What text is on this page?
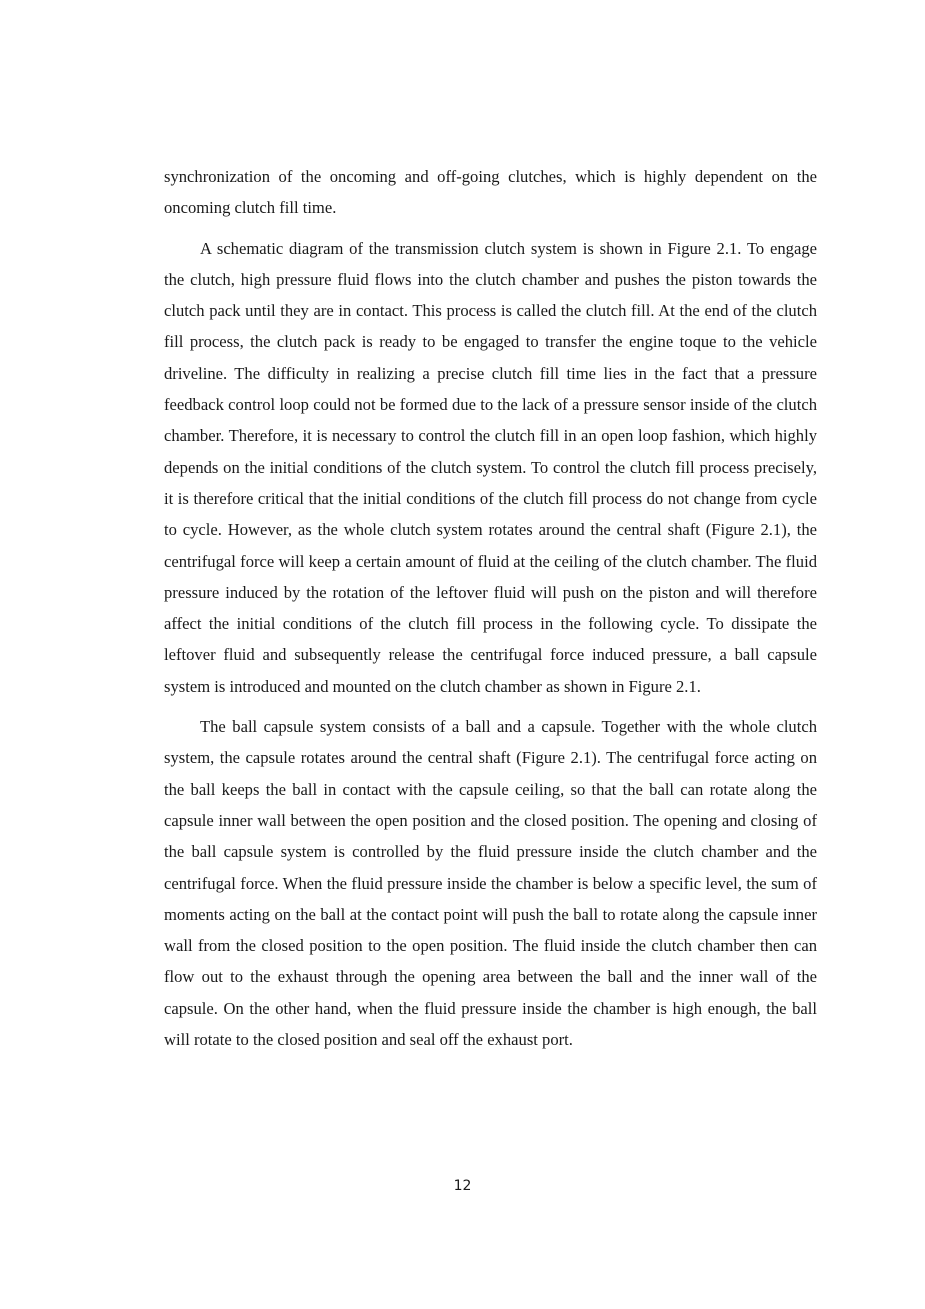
synchronization of the oncoming and off-going clutches, which is highly dependent on the oncoming clutch fill time.

A schematic diagram of the transmission clutch system is shown in Figure 2.1. To engage the clutch, high pressure fluid flows into the clutch chamber and pushes the piston towards the clutch pack until they are in contact. This process is called the clutch fill. At the end of the clutch fill process, the clutch pack is ready to be engaged to transfer the engine toque to the vehicle driveline. The difficulty in realizing a precise clutch fill time lies in the fact that a pressure feedback control loop could not be formed due to the lack of a pressure sensor inside of the clutch chamber. Therefore, it is necessary to control the clutch fill in an open loop fashion, which highly depends on the initial conditions of the clutch system. To control the clutch fill process precisely, it is therefore critical that the initial conditions of the clutch fill process do not change from cycle to cycle. However, as the whole clutch system rotates around the central shaft (Figure 2.1), the centrifugal force will keep a certain amount of fluid at the ceiling of the clutch chamber. The fluid pressure induced by the rotation of the leftover fluid will push on the piston and will therefore affect the initial conditions of the clutch fill process in the following cycle. To dissipate the leftover fluid and subsequently release the centrifugal force induced pressure, a ball capsule system is introduced and mounted on the clutch chamber as shown in Figure 2.1.

The ball capsule system consists of a ball and a capsule. Together with the whole clutch system, the capsule rotates around the central shaft (Figure 2.1). The centrifugal force acting on the ball keeps the ball in contact with the capsule ceiling, so that the ball can rotate along the capsule inner wall between the open position and the closed position. The opening and closing of the ball capsule system is controlled by the fluid pressure inside the clutch chamber and the centrifugal force. When the fluid pressure inside the chamber is below a specific level, the sum of moments acting on the ball at the contact point will push the ball to rotate along the capsule inner wall from the closed position to the open position. The fluid inside the clutch chamber then can flow out to the exhaust through the opening area between the ball and the inner wall of the capsule. On the other hand, when the fluid pressure inside the chamber is high enough, the ball will rotate to the closed position and seal off the exhaust port.

12
